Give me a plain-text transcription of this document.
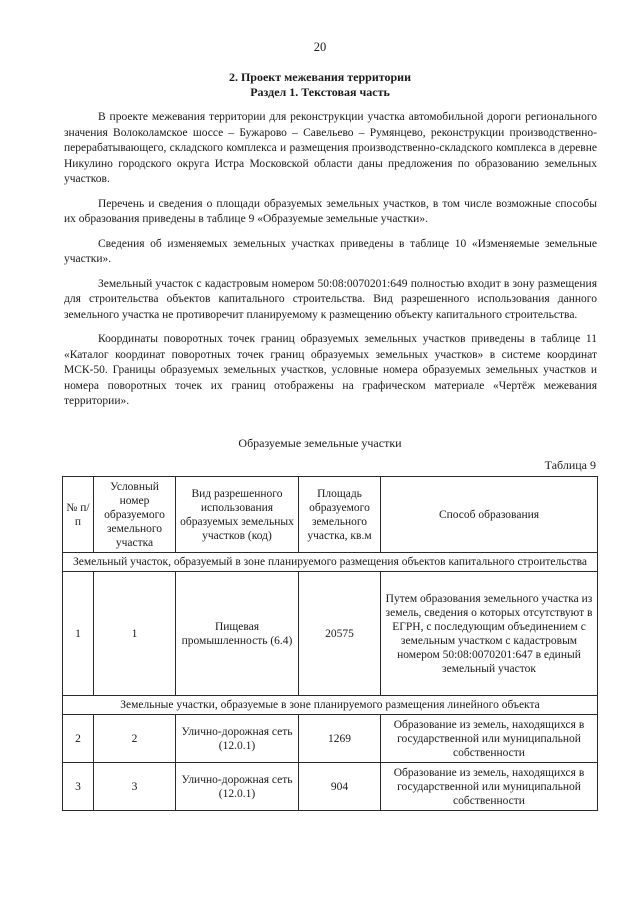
20
2. Проект межевания территории
Раздел 1. Текстовая часть

В проекте межевания территории для реконструкции участка автомобильной дороги регионального значения Волоколамское шоссе – Бужарово – Савельево – Румянцево, реконструкции производственно-перерабатывающего, складского комплекса и размещения производственно-складского комплекса в деревне Никулино городского округа Истра Московской области даны предложения по образованию земельных участков.

Перечень и сведения о площади образуемых земельных участков, в том числе возможные способы их образования приведены в таблице 9 «Образуемые земельные участки».

Сведения об изменяемых земельных участках приведены в таблице 10 «Изменяемые земельные участки».

Земельный участок с кадастровым номером 50:08:0070201:649 полностью входит в зону размещения для строительства объектов капитального строительства. Вид разрешенного использования данного земельного участка не противоречит планируемому к размещению объекту капитального строительства.

Координаты поворотных точек границ образуемых земельных участков приведены в таблице 11 «Каталог координат поворотных точек границ образуемых земельных участков» в системе координат МСК-50. Границы образуемых земельных участков, условные номера образуемых земельных участков и номера поворотных точек их границ отображены на графическом материале «Чертёж межевания территории».

Образуемые земельные участки
Таблица 9
№ п/п	Условный номер образуемого земельного участка	Вид разрешенного использования образуемых земельных участков (код)	Площадь образуемого земельного участка, кв.м	Способ образования
Земельный участок, образуемый в зоне планируемого размещения объектов капитального строительства				
1	1	Пищевая промышленность (6.4)	20575	Путем образования земельного участка из земель, сведения о которых отсутствуют в ЕГРН, с последующим объединением с земельным участком с кадастровым номером 50:08:0070201:647 в единый земельный участок
Земельные участки, образуемые в зоне планируемого размещения линейного объекта				
2	2	Улично-дорожная сеть (12.0.1)	1269	Образование из земель, находящихся в государственной или муниципальной собственности
3	3	Улично-дорожная сеть (12.0.1)	904	Образование из земель, находящихся в государственной или муниципальной собственности
